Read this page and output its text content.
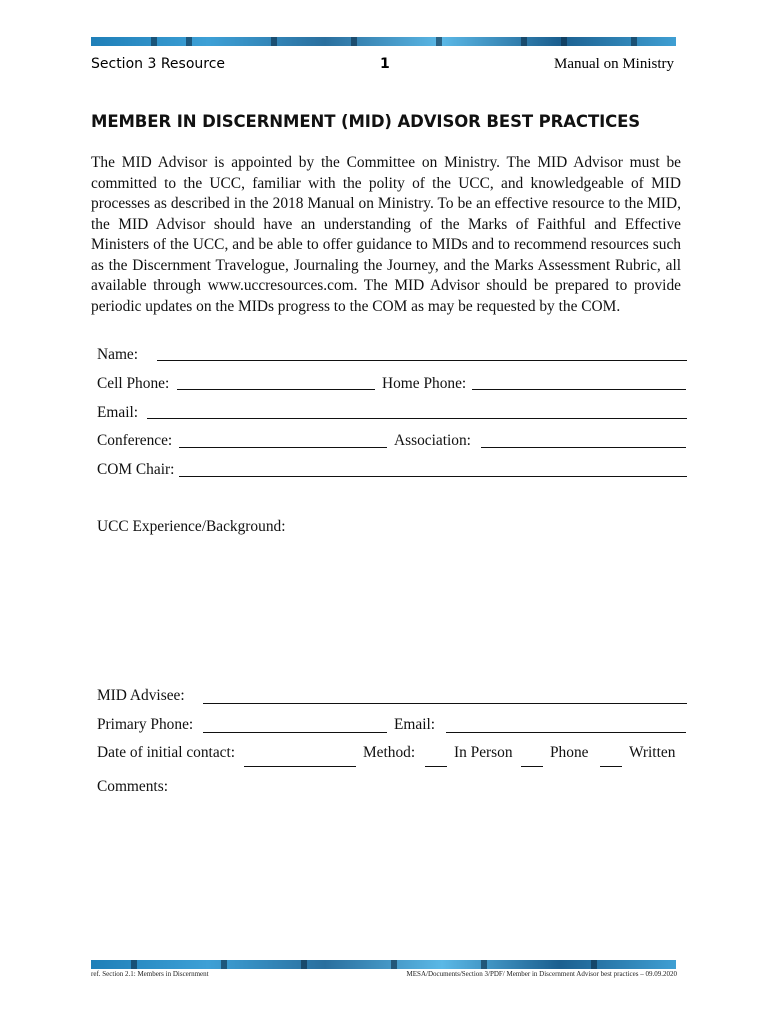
Section 3 Resource	1	Manual on Ministry
MEMBER IN DISCERNMENT (MID) ADVISOR BEST PRACTICES
The MID Advisor is appointed by the Committee on Ministry. The MID Advisor must be committed to the UCC, familiar with the polity of the UCC, and knowledgeable of MID processes as described in the 2018 Manual on Ministry. To be an effective resource to the MID, the MID Advisor should have an understanding of the Marks of Faithful and Effective Ministers of the UCC, and be able to offer guidance to MIDs and to recommend resources such as the Discernment Travelogue, Journaling the Journey, and the Marks Assessment Rubric, all available through www.uccresources.com. The MID Advisor should be prepared to provide periodic updates on the MIDs progress to the COM as may be requested by the COM.
Name:
Cell Phone:	Home Phone:
Email:
Conference:	Association:
COM Chair:
UCC Experience/Background:
MID Advisee:
Primary Phone:	Email:
Date of initial contact:	Method:	In Person Phone	Written
Comments:
ref. Section 2.1: Members in Discernment	MESA/Documents/Section 3/PDF/ Member in Discernment Advisor best practices – 09.09.2020
